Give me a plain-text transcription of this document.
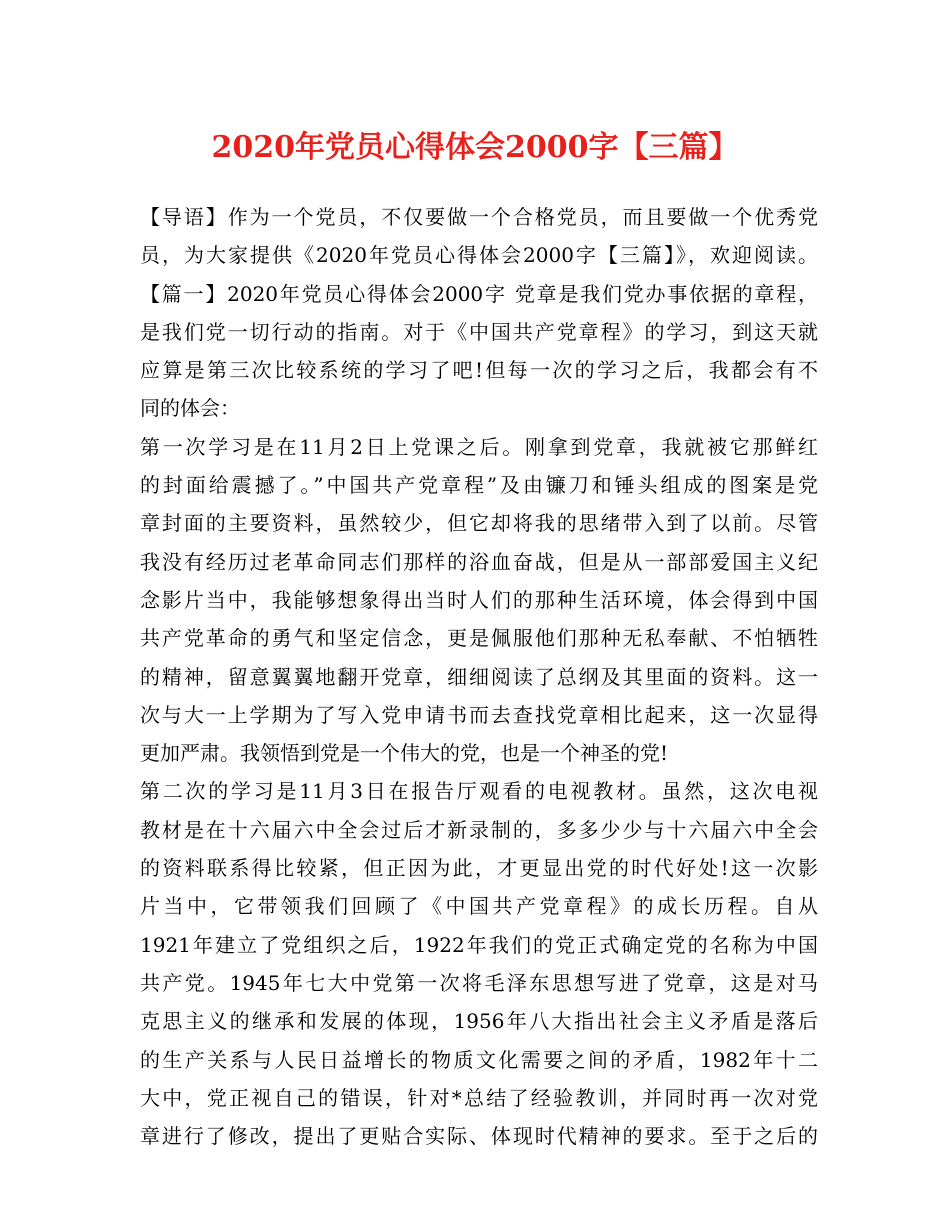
2020年党员心得体会2000字【三篇】
【导语】作为一个党员，不仅要做一个合格党员，而且要做一个优秀党
员，为大家提供《2020年党员心得体会2000字【三篇】》，欢迎阅读。
【篇一】2020年党员心得体会2000字 党章是我们党办事依据的章程，
是我们党一切行动的指南。对于《中国共产党章程》的学习，到这天就
应算是第三次比较系统的学习了吧!但每一次的学习之后，我都会有不
同的体会：
第一次学习是在11月2日上党课之后。刚拿到党章，我就被它那鲜红
的封面给震撼了。”中国共产党章程”及由镰刀和锤头组成的图案是党
章封面的主要资料，虽然较少，但它却将我的思绪带入到了以前。尽管
我没有经历过老革命同志们那样的浴血奋战，但是从一部部爱国主义纪
念影片当中，我能够想象得出当时人们的那种生活环境，体会得到中国
共产党革命的勇气和坚定信念，更是佩服他们那种无私奉献、不怕牺牲
的精神，留意翼翼地翻开党章，细细阅读了总纲及其里面的资料。这一
次与大一上学期为了写入党申请书而去查找党章相比起来，这一次显得
更加严肃。我领悟到党是一个伟大的党，也是一个神圣的党!
第二次的学习是11月3日在报告厅观看的电视教材。虽然，这次电视
教材是在十六届六中全会过后才新录制的，多多少少与十六届六中全会
的资料联系得比较紧，但正因为此，才更显出党的时代好处!这一次影
片当中，它带领我们回顾了《中国共产党章程》的成长历程。自从
1921年建立了党组织之后，1922年我们的党正式确定党的名称为中国
共产党。1945年七大中党第一次将毛泽东思想写进了党章，这是对马
克思主义的继承和发展的体现，1956年八大指出社会主义矛盾是落后
的生产关系与人民日益增长的物质文化需要之间的矛盾，1982年十二
大中，党正视自己的错误，针对*总结了经验教训，并同时再一次对党
章进行了修改，提出了更贴合实际、体现时代精神的要求。至于之后的
